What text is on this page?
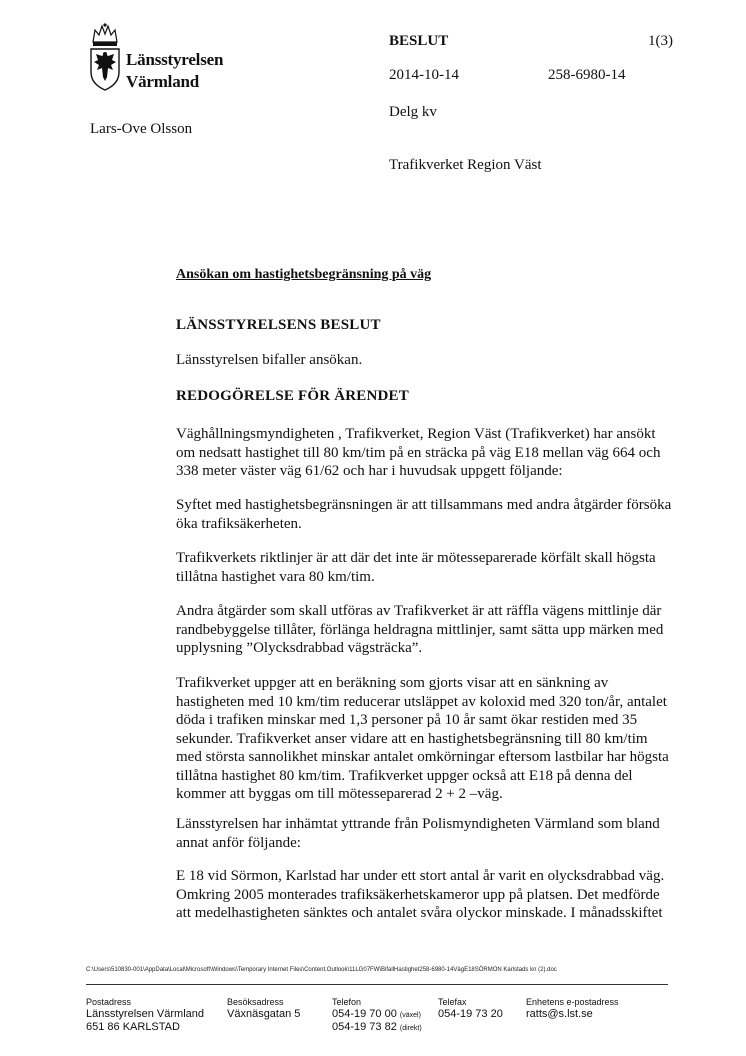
Länsstyrelsen
Värmland
Lars-Ove Olsson
BESLUT	1(3)
2014-10-14	258-6980-14
Delg kv
Trafikverket Region Väst
Ansökan om hastighetsbegränsning på väg
LÄNSSTYRELSENS BESLUT
Länsstyrelsen bifaller ansökan.
REDOGÖRELSE FÖR ÄRENDET
Väghållningsmyndigheten , Trafikverket, Region Väst (Trafikverket) har ansökt
om nedsatt hastighet till 80 km/tim på en sträcka på väg E18 mellan väg 664 och
338 meter väster väg 61/62 och har i huvudsak uppgett följande:
Syftet med hastighetsbegränsningen är att tillsammans med andra åtgärder försöka
öka trafiksäkerheten.
Trafikverkets riktlinjer är att där det inte är mötesseparerade körfält skall högsta
tillåtna hastighet vara 80 km/tim.
Andra åtgärder som skall utföras av Trafikverket är att räffla vägens mittlinje där
randbebyggelse tillåter, förlänga heldragna mittlinjer, samt sätta upp märken med
upplysning ”Olycksdrabbad vägsträcka”.
Trafikverket uppger att en beräkning som gjorts visar att en sänkning av
hastigheten med 10 km/tim reducerar utsläppet av koloxid med 320 ton/år, antalet
döda i trafiken minskar med 1,3 personer på 10 år samt ökar restiden med 35
sekunder. Trafikverket anser vidare att en hastighetsbegränsning till 80 km/tim
med största sannolikhet minskar antalet omkörningar eftersom lastbilar har högsta
tillåtna hastighet 80 km/tim. Trafikverket uppger också att E18 på denna del
kommer att byggas om till mötesseparerad 2 + 2 –väg.
Länsstyrelsen har inhämtat yttrande från Polismyndigheten Värmland som bland
annat anför följande:
E 18 vid Sörmon, Karlstad har under ett stort antal år varit en olycksdrabbad väg.
Omkring 2005 monterades trafiksäkerhetskameror upp på platsen. Det medförde
att medelhastigheten sänktes och antalet svåra olyckor minskade. I månadsskiftet
C:\Users\510830-001\AppData\Local\Microsoft\Windows\Temporary Internet Files\Content.Outlook\11LG07FW\BifallHastighet258-6980-14VägE18SÖRMON Karlstads kn (2).doc
Postadress
Länsstyrelsen Värmland
651 86 KARLSTAD
Besöksadress
Växnäsgatan 5
Telefon
054-19 70 00 (växel)
054-19 73 82 (direkt)
Telefax
054-19 73 20
Enhetens e-postadress
ratts@s.lst.se
